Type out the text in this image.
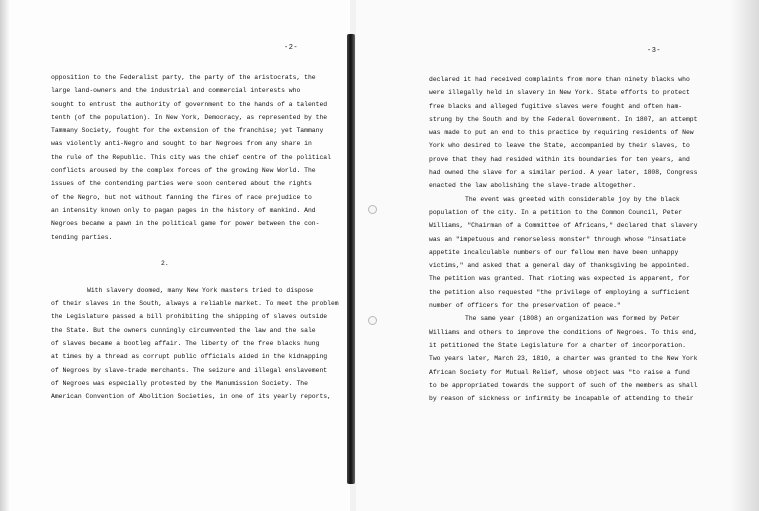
-2-
opposition to the Federalist party, the party of the aristocrats, the
large land-owners and the industrial and commercial interests who
sought to entrust the authority of government to the hands of a talented
tenth (of the population). In New York, Democracy, as represented by the
Tammany Society, fought for the extension of the franchise; yet Tammany
was violently anti-Negro and sought to bar Negroes from any share in
the rule of the Republic. This city was the chief centre of the political
conflicts aroused by the complex forces of the growing New World. The
issues of the contending parties were soon centered about the rights
of the Negro, but not without fanning the fires of race prejudice to
an intensity known only to pagan pages in the history of mankind. And
Negroes became a pawn in the political game for power between the con-
tending parties.
2.
With slavery doomed, many New York masters tried to dispose
of their slaves in the South, always a reliable market. To meet the problem
the Legislature passed a bill prohibiting the shipping of slaves outside
the State. But the owners cunningly circumvented the law and the sale
of slaves became a bootleg affair. The liberty of the free blacks hung
at times by a thread as corrupt public officials aided in the kidnapping
of Negroes by slave-trade merchants. The seizure and illegal enslavement
of Negroes was especially protested by the Manumission Society. The
American Convention of Abolition Societies, in one of its yearly reports,
-3-
declared it had received complaints from more than ninety blacks who
were illegally held in slavery in New York. State efforts to protect
free blacks and alleged fugitive slaves were fought and often ham-
strung by the South and by the Federal Government. In 1807, an attempt
was made to put an end to this practice by requiring residents of New
York who desired to leave the State, accompanied by their slaves, to
prove that they had resided within its boundaries for ten years, and
had owned the slave for a similar period. A year later, 1808, Congress
enacted the law abolishing the slave-trade altogether.
The event was greeted with considerable joy by the black
population of the city. In a petition to the Common Council, Peter
Williams, "Chairman of a Committee of Africans," declared that slavery
was an "impetuous and remorseless monster" through whose "insatiate
appetite incalculable numbers of our fellow men have been unhappy
victims," and asked that a general day of thanksgiving be appointed.
The petition was granted. That rioting was expected is apparent, for
the petition also requested "the privilege of employing a sufficient
number of officers for the preservation of peace."
The same year (1808) an organization was formed by Peter
Williams and others to improve the conditions of Negroes. To this end,
it petitioned the State Legislature for a charter of incorporation.
Two years later, March 23, 1810, a charter was granted to the New York
African Society for Mutual Relief, whose object was "to raise a fund
to be appropriated towards the support of such of the members as shall
by reason of sickness or infirmity be incapable of attending to their
